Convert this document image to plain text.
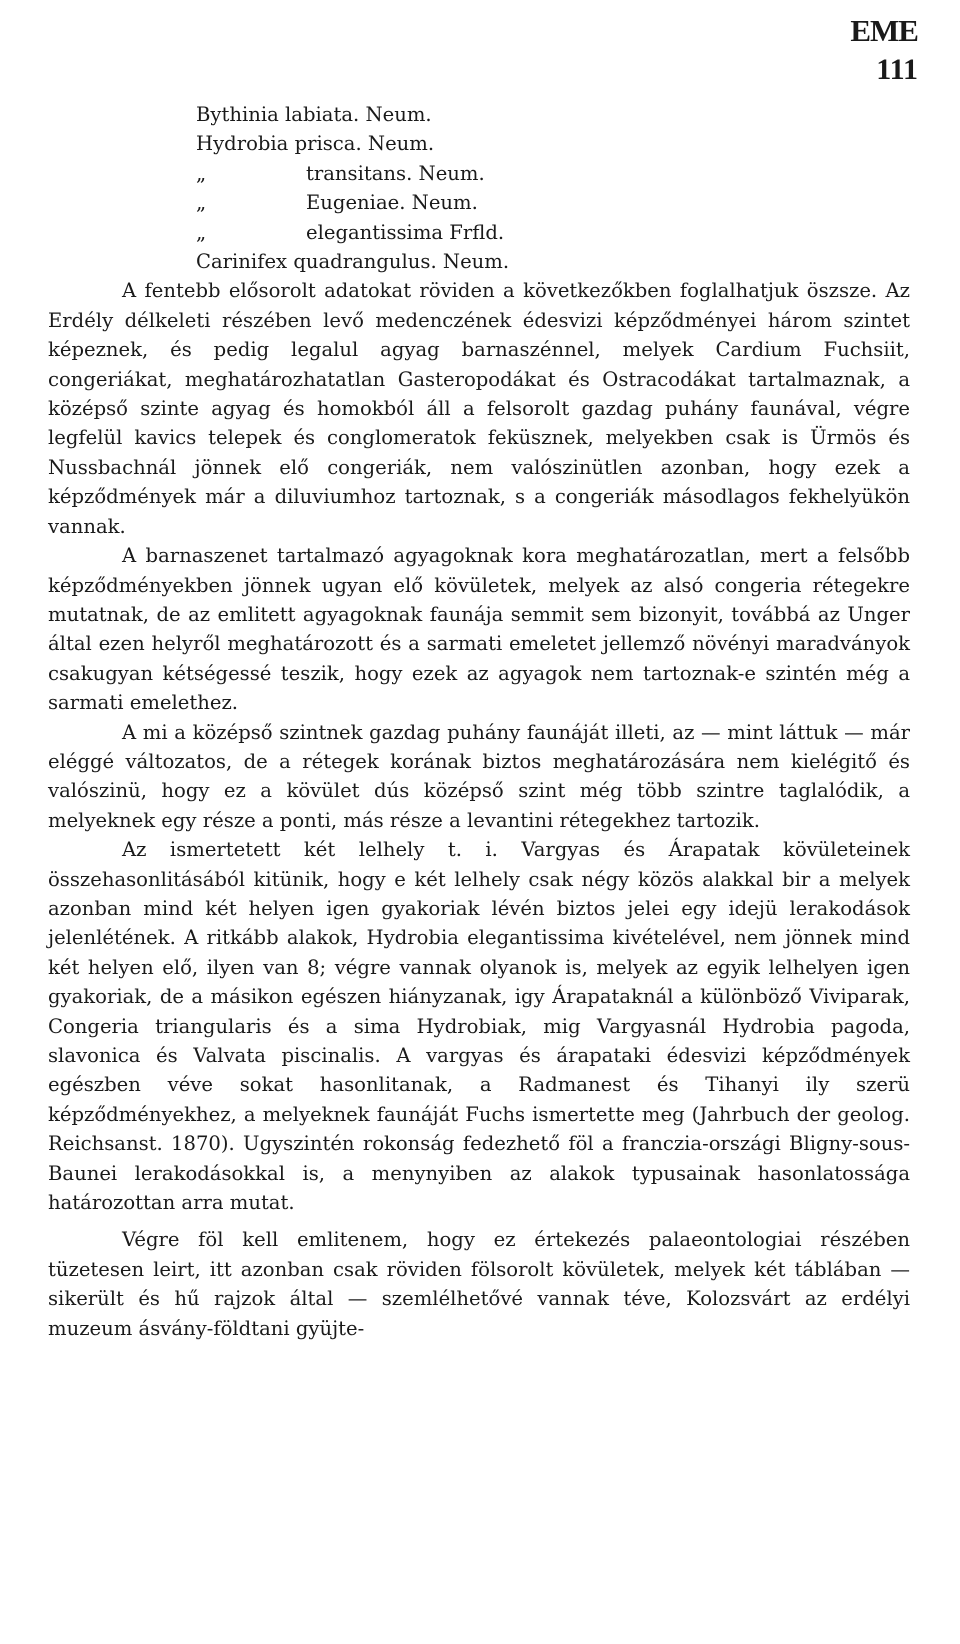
EME
111
Bythinia labiata. Neum.
Hydrobia prisca. Neum.
„	transitans. Neum.
„	Eugeniae. Neum.
„	elegantissima Frfld.
Carinifex quadrangulus. Neum.

A fentebb elősorolt adatokat röviden a következőkben foglalhatjuk öszsze. Az Erdély délkeleti részében levő medenczének édesvizi képződményei három szintet képeznek, és pedig legalul agyag barnaszénnel, melyek Cardium Fuchsiit, congeriákat, meghatározhatatlan Gasteropodákat és Ostracodákat tartalmaznak, a középső szinte agyag és homokból áll a felsorolt gazdag puhány faunával, végre legfelül kavics telepek és conglomeratok feküsznek, melyekben csak is Ürmös és Nussbachnál jönnek elő congeriák, nem valószinütlen azonban, hogy ezek a képződmények már a diluviumhoz tartoznak, s a congeriák másodlagos fekhelyükön vannak.

A barnaszenet tartalmazó agyagoknak kora meghatározatlan, mert a felsőbb képződményekben jönnek ugyan elő kövületek, melyek az alsó congeria rétegekre mutatnak, de az emlitett agyagoknak faunája semmit sem bizonyit, továbbá az Unger által ezen helyről meghatározott és a sarmati emeletet jellemző növényi maradványok csakugyan kétségessé teszik, hogy ezek az agyagok nem tartoznak-e szintén még a sarmati emelethez.

A mi a középső szintnek gazdag puhány faunáját illeti, az — mint láttuk — már eléggé változatos, de a rétegek korának biztos meghatározására nem kielégitő és valószinü, hogy ez a kövület dús középső szint még több szintre taglalódik, a melyeknek egy része a ponti, más része a levantini rétegekhez tartozik.

Az ismertetett két lelhely t. i. Vargyas és Árapatak kövületeinek összehasonlitásából kitünik, hogy e két lelhely csak négy közös alakkal bir a melyek azonban mind két helyen igen gyakoriak lévén biztos jelei egy idejü lerakodások jelenlétének. A ritkább alakok, Hydrobia elegantissima kivételével, nem jönnek mind két helyen elő, ilyen van 8; végre vannak olyanok is, melyek az egyik lelhelyen igen gyakoriak, de a másikon egészen hiányzanak, igy Árapataknál a különböző Viviparak, Congeria triangularis és a sima Hydrobiak, mig Vargyasnál Hydrobia pagoda, slavonica és Valvata piscinalis. A vargyas és árapataki édesvizi képződmények egészben véve sokat hasonlitanak, a Radmanest és Tihanyi ily szerü képződményekhez, a melyeknek faunáját Fuchs ismertette meg (Jahrbuch der geolog. Reichsanst. 1870). Ugyszintén rokonság fedezhető föl a franczia-országi Bligny-sous-Baunei lerakodásokkal is, a menynyiben az alakok typusainak hasonlatossága határozottan arra mutat.

Végre föl kell emlitenem, hogy ez értekezés palaeontologiai részében tüzetesen leirt, itt azonban csak röviden fölsorolt kövületek, melyek két táblában — sikerült és hű rajzok által — szemlélhetővé vannak téve, Kolozsvárt az erdélyi muzeum ásvány-földtani gyüjte-
